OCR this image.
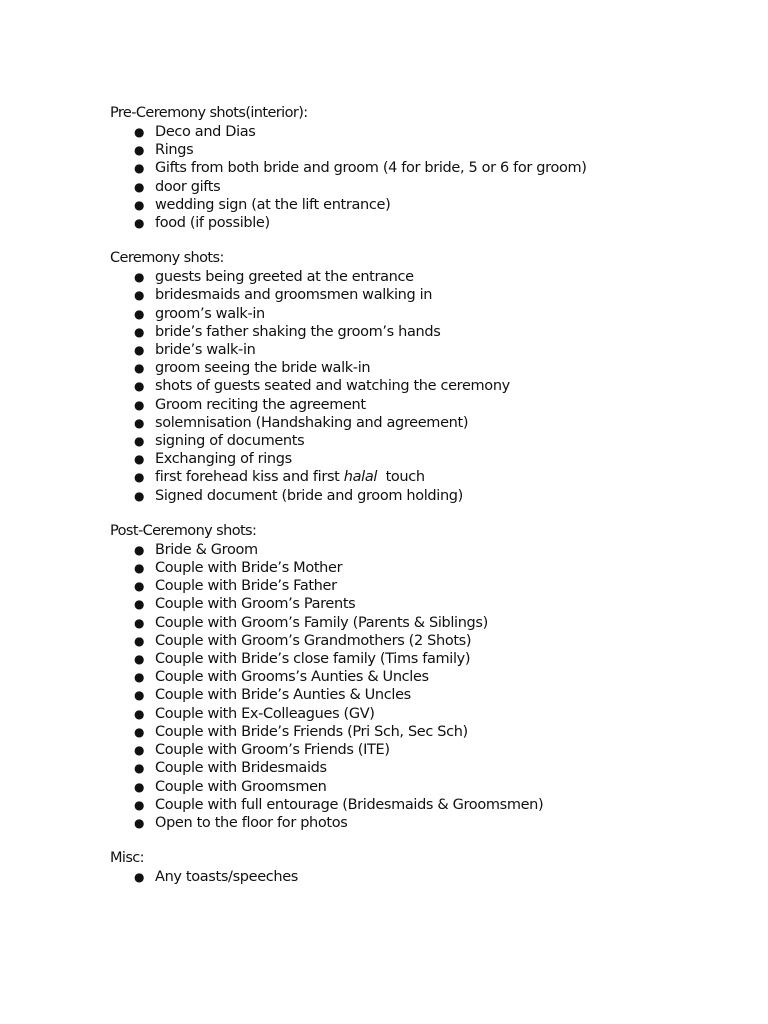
Pre-Ceremony shots(interior):
● Deco and Dias
● Rings
● Gifts from both bride and groom (4 for bride, 5 or 6 for groom)
● door gifts
● wedding sign (at the lift entrance)
● food (if possible)
Ceremony shots:
● guests being greeted at the entrance
● bridesmaids and groomsmen walking in
● groom’s walk-in
● bride’s father shaking the groom’s hands
● bride’s walk-in
● groom seeing the bride walk-in
● shots of guests seated and watching the ceremony
● Groom reciting the agreement
● solemnisation (Handshaking and agreement)
● signing of documents
● Exchanging of rings
● first forehead kiss and first halal  touch
● Signed document (bride and groom holding)
Post-Ceremony shots:
● Bride & Groom
● Couple with Bride’s Mother
● Couple with Bride’s Father
● Couple with Groom’s Parents
● Couple with Groom’s Family (Parents & Siblings)
● Couple with Groom’s Grandmothers (2 Shots)
● Couple with Bride’s close family (Tims family)
● Couple with Grooms’s Aunties & Uncles
● Couple with Bride’s Aunties & Uncles
● Couple with Ex-Colleagues (GV)
● Couple with Bride’s Friends (Pri Sch, Sec Sch)
● Couple with Groom’s Friends (ITE)
● Couple with Bridesmaids
● Couple with Groomsmen
● Couple with full entourage (Bridesmaids & Groomsmen)
● Open to the floor for photos
Misc:
● Any toasts/speeches
